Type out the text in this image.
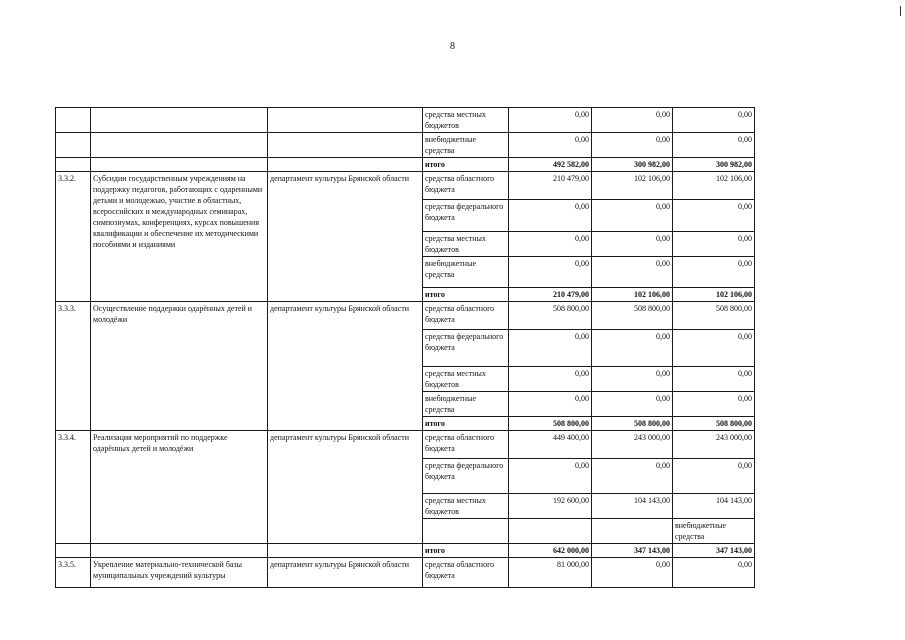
8
			средства местных бюджетов	0,00	0,00	0,00	
			внебюджетные средства	0,00	0,00	0,00	
			итого	492 582,00	300 982,00	300 982,00	
3.3.2.	Субсидии государственным учреждениям на поддержку педагогов, работающих с одаренными детьми и молодежью, участие в областных, всероссийских и международных семинарах, симпозиумах, конференциях, курсах повышения квалификации и обеспечение их методическими пособиями и изданиями	департамент культуры Брянской области	средства областного бюджета	210 479,00	102 106,00	102 106,00	
			средства федерального бюджета	0,00	0,00	0,00	
			средства местных бюджетов	0,00	0,00	0,00	
			внебюджетные средства	0,00	0,00	0,00	
			итого	210 479,00	102 106,00	102 106,00	
3.3.3.	Осуществление поддержки одарённых детей и молодёжи	департамент культуры Брянской области	средства областного бюджета	508 800,00	508 800,00	508 800,00	
			средства федерального бюджета	0,00	0,00	0,00	
			средства местных бюджетов	0,00	0,00	0,00	
			внебюджетные средства	0,00	0,00	0,00	
			итого	508 800,00	508 800,00	508 800,00	
3.3.4.	Реализация мероприятий по поддержке одарённых детей и молодёжи	департамент культуры Брянской области	средства областного бюджета	449 400,00	243 000,00	243 000,00	
			средства федерального бюджета	0,00	0,00	0,00	
			средства местных бюджетов	192 600,00	104 143,00	104 143,00	
						внебюджетные средства				
			итого	642 000,00	347 143,00	347 143,00	
3.3.5.	Укрепление материально-технической базы муниципальных учреждений культуры	департамент культуры Брянской области	средства областного бюджета	81 000,00	0,00	0,00	
